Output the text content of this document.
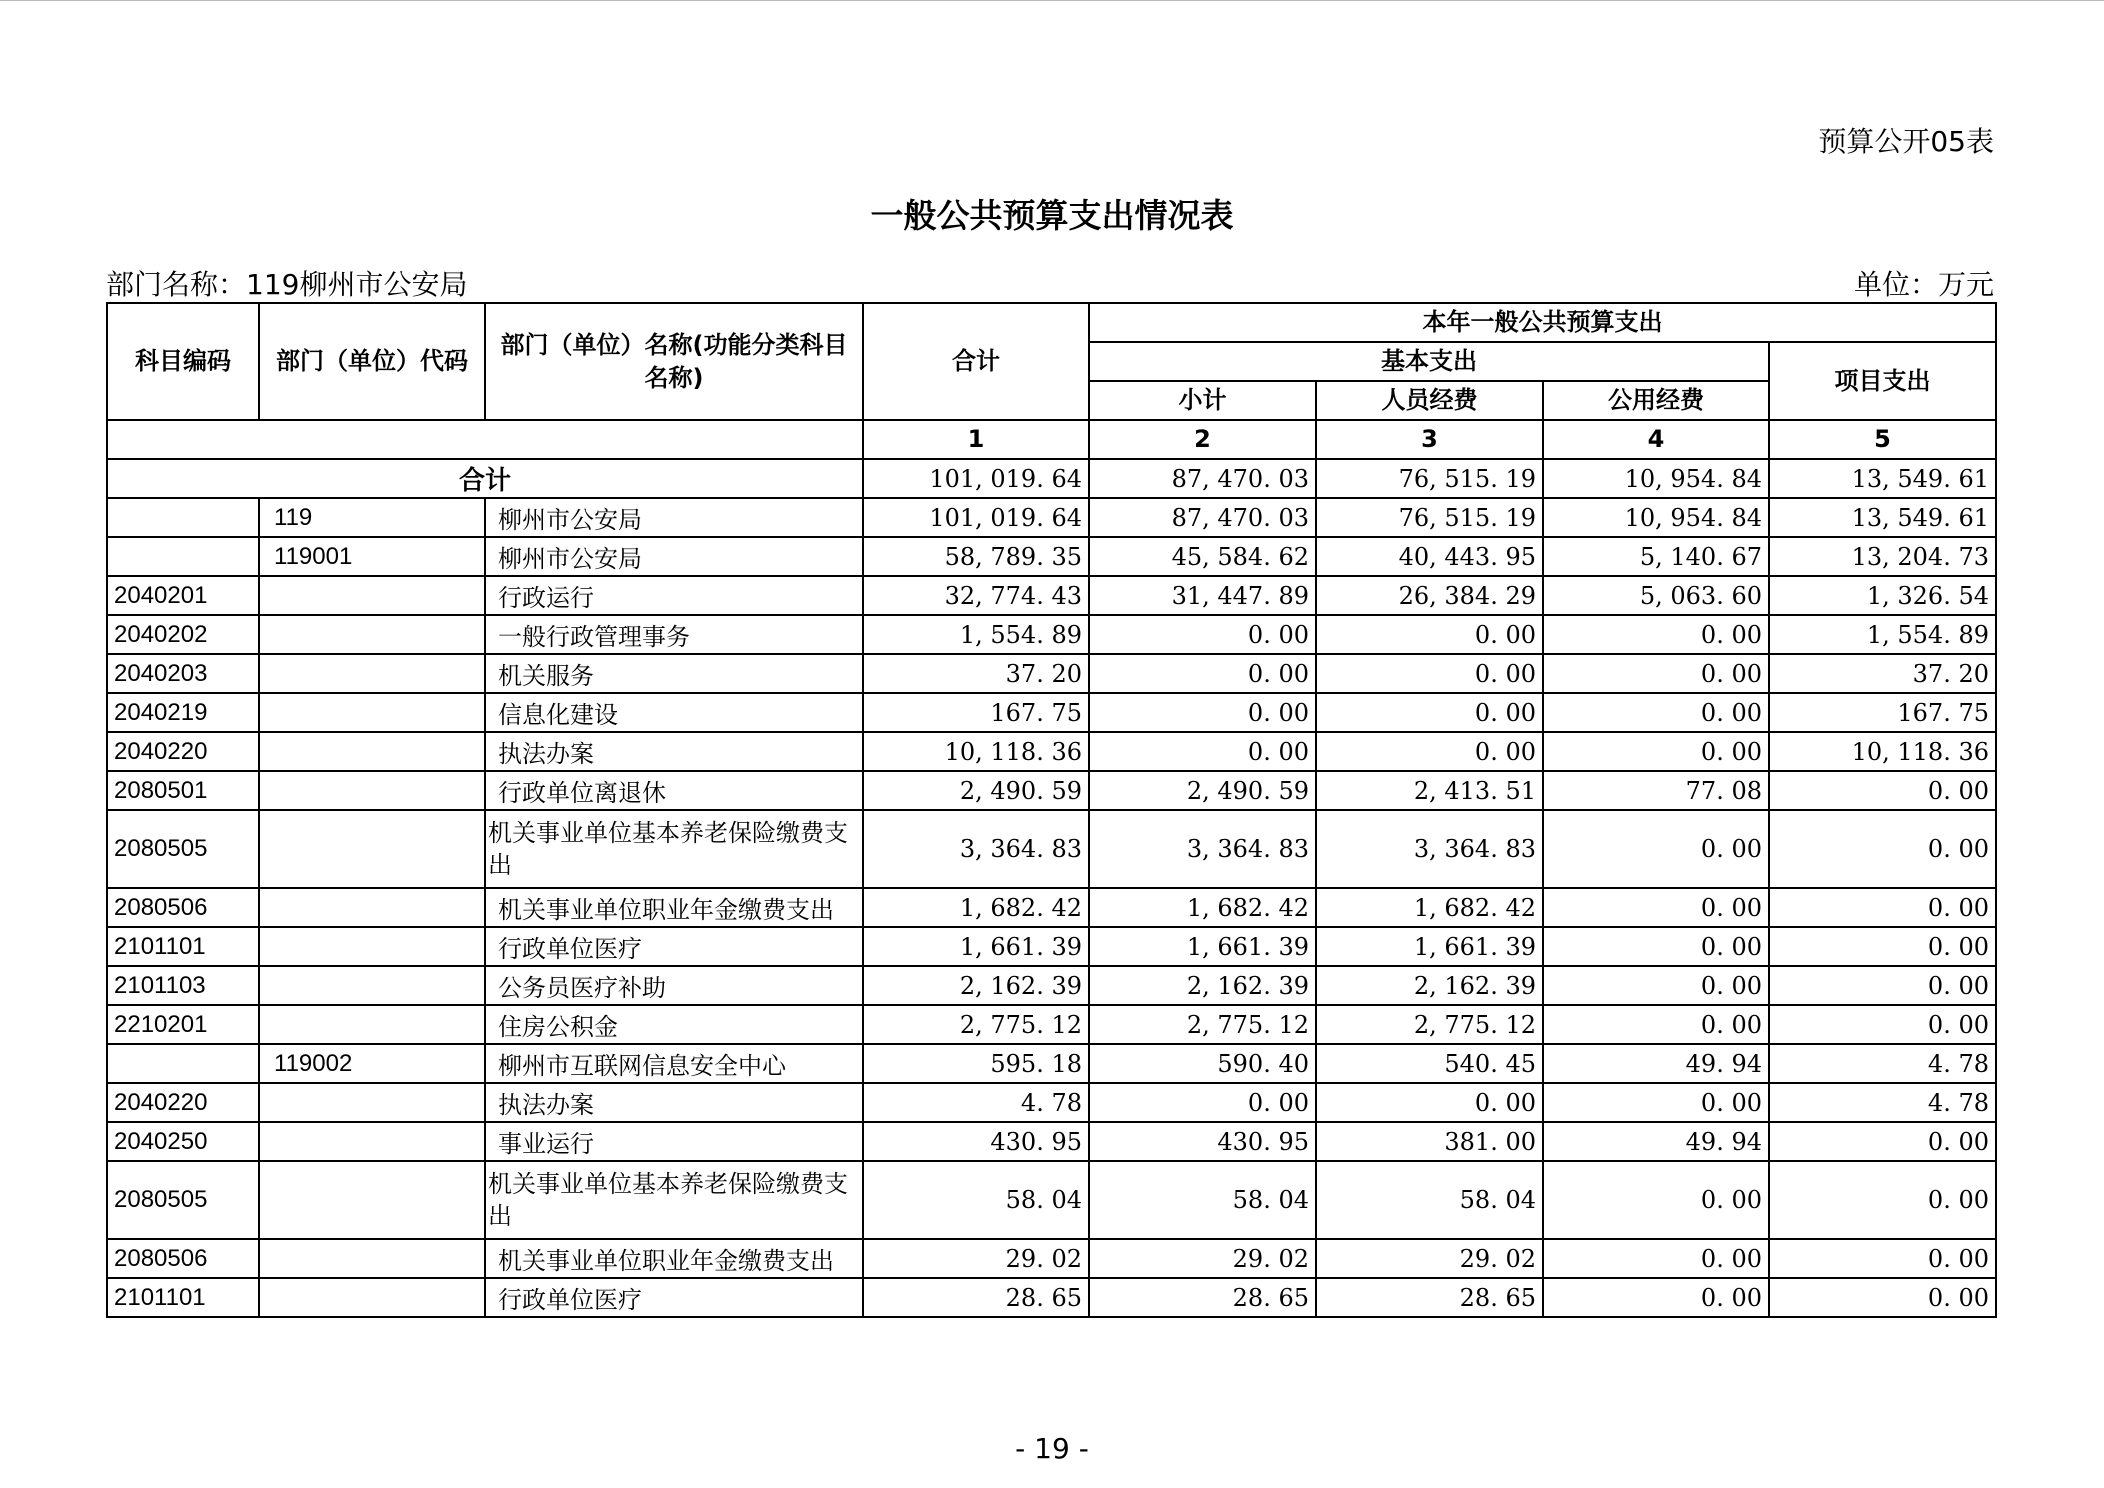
预算公开05表
一般公共预算支出情况表
部门名称：119柳州市公安局	单位：万元
科目编码	部门（单位）代码	部门（单位）名称(功能分类科目名称)	合计	本年一般公共预算支出			
				基本支出			项目支出
				小计	人员经费	公用经费	
			1	2	3	4	5
合计			101, 019. 64	87, 470. 03	76, 515. 19	10, 954. 84	13, 549. 61
	119	柳州市公安局	101, 019. 64	87, 470. 03	76, 515. 19	10, 954. 84	13, 549. 61
	119001	柳州市公安局	58, 789. 35	45, 584. 62	40, 443. 95	5, 140. 67	13, 204. 73
2040201		行政运行	32, 774. 43	31, 447. 89	26, 384. 29	5, 063. 60	1, 326. 54
2040202		一般行政管理事务	1, 554. 89	0. 00	0. 00	0. 00	1, 554. 89
2040203		机关服务	37. 20	0. 00	0. 00	0. 00	37. 20
2040219		信息化建设	167. 75	0. 00	0. 00	0. 00	167. 75
2040220		执法办案	10, 118. 36	0. 00	0. 00	0. 00	10, 118. 36
2080501		行政单位离退休	2, 490. 59	2, 490. 59	2, 413. 51	77. 08	0. 00
2080505		机关事业单位基本养老保险缴费支出	3, 364. 83	3, 364. 83	3, 364. 83	0. 00	0. 00
2080506		机关事业单位职业年金缴费支出	1, 682. 42	1, 682. 42	1, 682. 42	0. 00	0. 00
2101101		行政单位医疗	1, 661. 39	1, 661. 39	1, 661. 39	0. 00	0. 00
2101103		公务员医疗补助	2, 162. 39	2, 162. 39	2, 162. 39	0. 00	0. 00
2210201		住房公积金	2, 775. 12	2, 775. 12	2, 775. 12	0. 00	0. 00
	119002	柳州市互联网信息安全中心	595. 18	590. 40	540. 45	49. 94	4. 78
2040220		执法办案	4. 78	0. 00	0. 00	0. 00	4. 78
2040250		事业运行	430. 95	430. 95	381. 00	49. 94	0. 00
2080505		机关事业单位基本养老保险缴费支出	58. 04	58. 04	58. 04	0. 00	0. 00
2080506		机关事业单位职业年金缴费支出	29. 02	29. 02	29. 02	0. 00	0. 00
2101101		行政单位医疗	28. 65	28. 65	28. 65	0. 00	0. 00
- 19 -
